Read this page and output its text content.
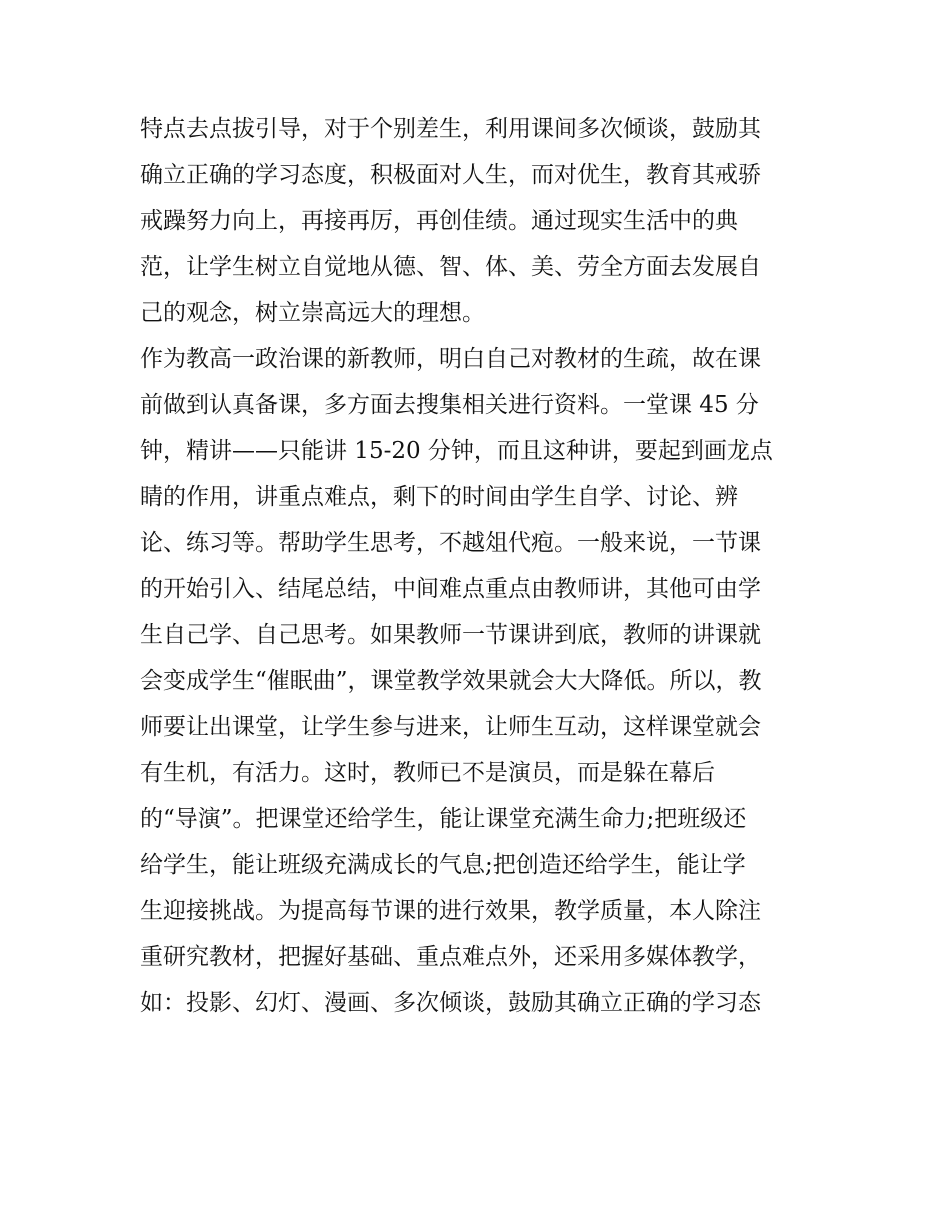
特点去点拔引导，对于个别差生，利用课间多次倾谈，鼓励其

确立正确的学习态度，积极面对人生，而对优生，教育其戒骄

戒躁努力向上，再接再厉，再创佳绩。通过现实生活中的典

范，让学生树立自觉地从德、智、体、美、劳全方面去发展自

己的观念，树立崇高远大的理想。

作为教高一政治课的新教师，明白自己对教材的生疏，故在课

前做到认真备课，多方面去搜集相关进行资料。一堂课 45 分

钟，精讲——只能讲 15-20 分钟，而且这种讲，要起到画龙点

睛的作用，讲重点难点，剩下的时间由学生自学、讨论、辨

论、练习等。帮助学生思考，不越俎代疱。一般来说，一节课

的开始引入、结尾总结，中间难点重点由教师讲，其他可由学

生自己学、自己思考。如果教师一节课讲到底，教师的讲课就

会变成学生“催眠曲”，课堂教学效果就会大大降低。所以，教

师要让出课堂，让学生参与进来，让师生互动，这样课堂就会

有生机，有活力。这时，教师已不是演员，而是躲在幕后

的“导演”。把课堂还给学生，能让课堂充满生命力;把班级还

给学生，能让班级充满成长的气息;把创造还给学生，能让学

生迎接挑战。为提高每节课的进行效果，教学质量，本人除注

重研究教材，把握好基础、重点难点外，还采用多媒体教学，

如：投影、幻灯、漫画、多次倾谈，鼓励其确立正确的学习态
